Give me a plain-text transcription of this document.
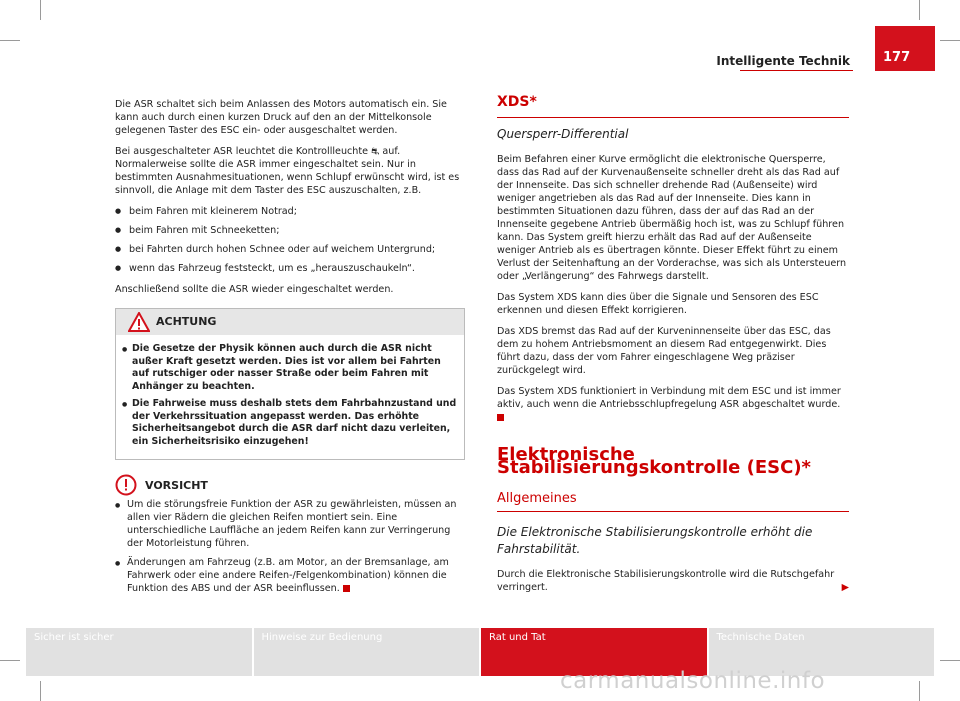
Intelligente Technik	177

Die ASR schaltet sich beim Anlassen des Motors automatisch ein. Sie kann auch durch einen kurzen Druck auf den an der Mittelkonsole gelegenen Taster des ESC ein- oder ausgeschaltet werden.

Bei ausgeschalteter ASR leuchtet die Kontrollleuchte ⛐ auf. Normalerweise sollte die ASR immer eingeschaltet sein. Nur in bestimmten Ausnahmesituationen, wenn Schlupf erwünscht wird, ist es sinnvoll, die Anlage mit dem Taster des ESC auszuschalten, z.B.

● beim Fahren mit kleinerem Notrad;
● beim Fahren mit Schneeketten;
● bei Fahrten durch hohen Schnee oder auf weichem Untergrund;
● wenn das Fahrzeug feststeckt, um es „herauszuschaukeln“.

Anschließend sollte die ASR wieder eingeschaltet werden.

ACHTUNG
● Die Gesetze der Physik können auch durch die ASR nicht außer Kraft gesetzt werden. Dies ist vor allem bei Fahrten auf rutschiger oder nasser Straße oder beim Fahren mit Anhänger zu beachten.
● Die Fahrweise muss deshalb stets dem Fahrbahnzustand und der Verkehrssituation angepasst werden. Das erhöhte Sicherheitsangebot durch die ASR darf nicht dazu verleiten, ein Sicherheitsrisiko einzugehen!
VORSICHT
● Um die störungsfreie Funktion der ASR zu gewährleisten, müssen an allen vier Rädern die gleichen Reifen montiert sein. Eine unterschiedliche Lauffläche an jedem Reifen kann zur Verringerung der Motorleistung führen.
● Änderungen am Fahrzeug (z.B. am Motor, an der Bremsanlage, am Fahrwerk oder eine andere Reifen-/Felgenkombination) können die Funktion des ABS und der ASR beeinflussen.
XDS*
Quersperr-Differential

Beim Befahren einer Kurve ermöglicht die elektronische Quersperre, dass das Rad auf der Kurvenaußenseite schneller dreht als das Rad auf der Innenseite. Das sich schneller drehende Rad (Außenseite) wird weniger angetrieben als das Rad auf der Innenseite. Dies kann in bestimmten Situationen dazu führen, dass der auf das Rad an der Innenseite gegebene Antrieb übermäßig hoch ist, was zu Schlupf führen kann. Das System greift hierzu erhält das Rad auf der Außenseite weniger Antrieb als es übertragen könnte. Dieser Effekt führt zu einem Verlust der Seitenhaftung an der Vorderachse, was sich als Untersteuern oder „Verlängerung“ des Fahrwegs darstellt.

Das System XDS kann dies über die Signale und Sensoren des ESC erkennen und diesen Effekt korrigieren.

Das XDS bremst das Rad auf der Kurveninnenseite über das ESC, das dem zu hohem Antriebsmoment an diesem Rad entgegenwirkt. Dies führt dazu, dass der vom Fahrer eingeschlagene Weg präziser zurückgelegt wird.

Das System XDS funktioniert in Verbindung mit dem ESC und ist immer aktiv, auch wenn die Antriebsschlupfregelung ASR abgeschaltet wurde.

Elektronische Stabilisierungskontrolle (ESC)*
Allgemeines
Die Elektronische Stabilisierungskontrolle erhöht die Fahrstabilität.

Durch die Elektronische Stabilisierungskontrolle wird die Rutschgefahr verringert.	▶

Sicher ist sicher	Hinweise zur Bedienung	Rat und Tat	Technische Daten
carmanualsonline.info
